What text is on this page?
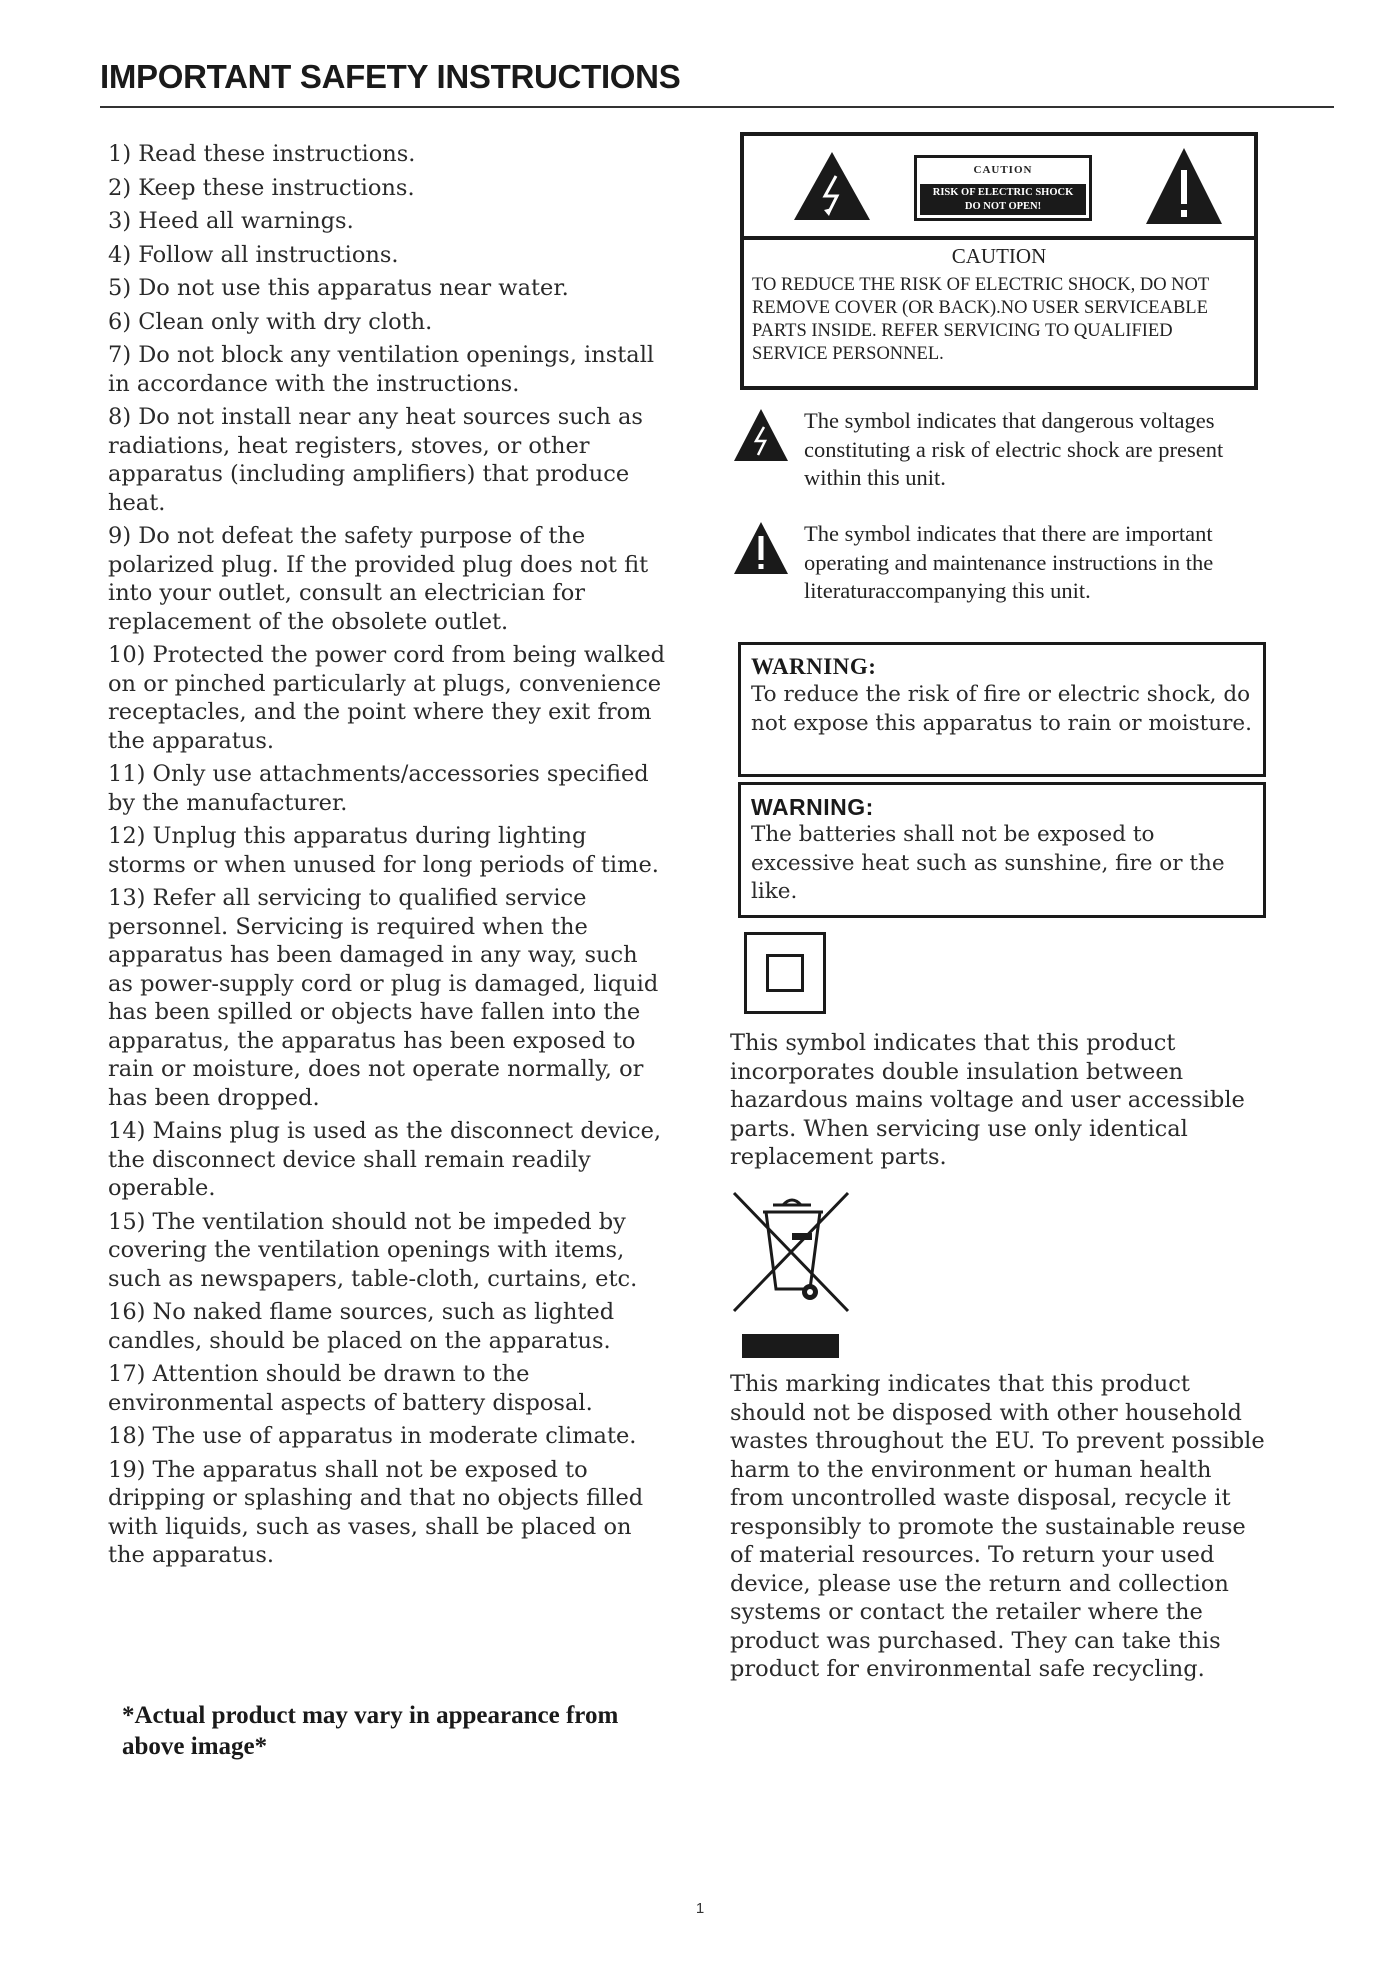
IMPORTANT SAFETY INSTRUCTIONS
1) Read these instructions.
2) Keep these instructions.
3) Heed all warnings.
4) Follow all instructions.
5) Do not use this apparatus near water.
6) Clean only with dry cloth.
7) Do not block any ventilation openings, install in accordance with the instructions.
8) Do not install near any heat sources such as radiations, heat registers, stoves, or other apparatus (including amplifiers) that produce heat.
9) Do not defeat the safety purpose of the polarized plug. If the provided plug does not fit into your outlet, consult an electrician for replacement of the obsolete outlet.
10) Protected the power cord from being walked on or pinched particularly at plugs, convenience receptacles, and the point where they exit from the apparatus.
11) Only use attachments/accessories specified by the manufacturer.
12) Unplug this apparatus during lighting storms or when unused for long periods of time.
13) Refer all servicing to qualified service personnel. Servicing is required when the apparatus has been damaged in any way, such as power-supply cord or plug is damaged, liquid has been spilled or objects have fallen into the apparatus, the apparatus has been exposed to rain or moisture, does not operate normally, or has been dropped.
14) Mains plug is used as the disconnect device, the disconnect device shall remain readily operable.
15) The ventilation should not be impeded by covering the ventilation openings with items, such as newspapers, table-cloth, curtains, etc.
16) No naked flame sources, such as lighted candles, should be placed on the apparatus.
17) Attention should be drawn to the environmental aspects of battery disposal.
18) The use of apparatus in moderate climate.
19) The apparatus shall not be exposed to dripping or splashing and that no objects filled with liquids, such as vases, shall be placed on the apparatus.
*Actual product may vary in appearance from above image*
CAUTION
RISK OF ELECTRIC SHOCK
DO NOT OPEN!
CAUTION
TO REDUCE THE RISK OF ELECTRIC SHOCK, DO NOT REMOVE COVER (OR BACK).NO USER SERVICEABLE PARTS INSIDE. REFER SERVICING TO QUALIFIED SERVICE PERSONNEL.
The symbol indicates that dangerous voltages constituting a risk of electric shock are present within this unit.
The symbol indicates that there are important operating and maintenance instructions in the literaturaccompanying this unit.
WARNING:
To reduce the risk of fire or electric shock, do not expose this apparatus to rain or moisture.
WARNING:
The batteries shall not be exposed to excessive heat such as sunshine, fire or the like.
This symbol indicates that this product incorporates double insulation between hazardous mains voltage and user accessible parts. When servicing use only identical replacement parts.
This marking indicates that this product should not be disposed with other household wastes throughout the EU. To prevent possible harm to the environment or human health from uncontrolled waste disposal, recycle it responsibly to promote the sustainable reuse of material resources. To return your used device, please use the return and collection systems or contact the retailer where the product was purchased. They can take this product for environmental safe recycling.
1
